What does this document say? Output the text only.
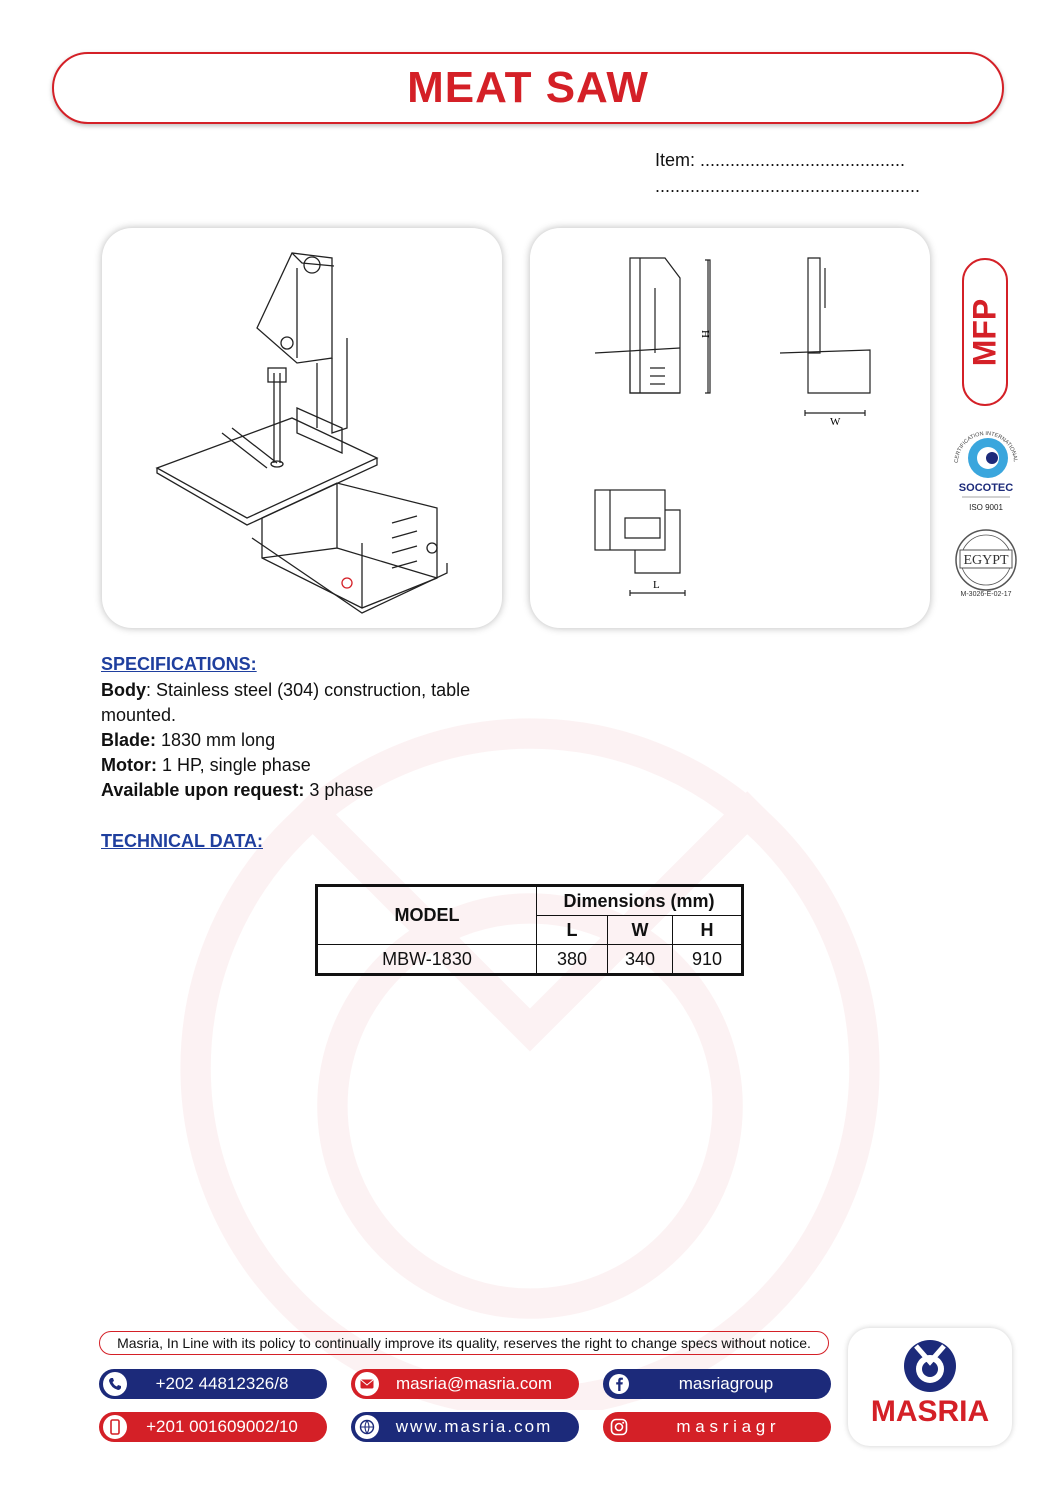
MEAT SAW
Item: .........................................
.....................................................
H
W
L
MFP
CERTIFICATION INTERNATIONAL
SOCOTEC
ISO 9001
EGYPT
M-3026-E-02-17
SPECIFICATIONS:
Body: Stainless steel (304) construction, table mounted.
Blade: 1830 mm long
Motor: 1 HP, single phase
Available upon request: 3 phase
TECHNICAL DATA:
MODEL	Dimensions (mm)		
	L	W	H
MBW-1830	380	340	910
Masria, In Line with its policy to continually improve its quality, reserves the right to change specs without notice.
+202 44812326/8
+201 001609002/10
masria@masria.com
www.masria.com
masriagroup
m a s r i a g r	MASRIA
